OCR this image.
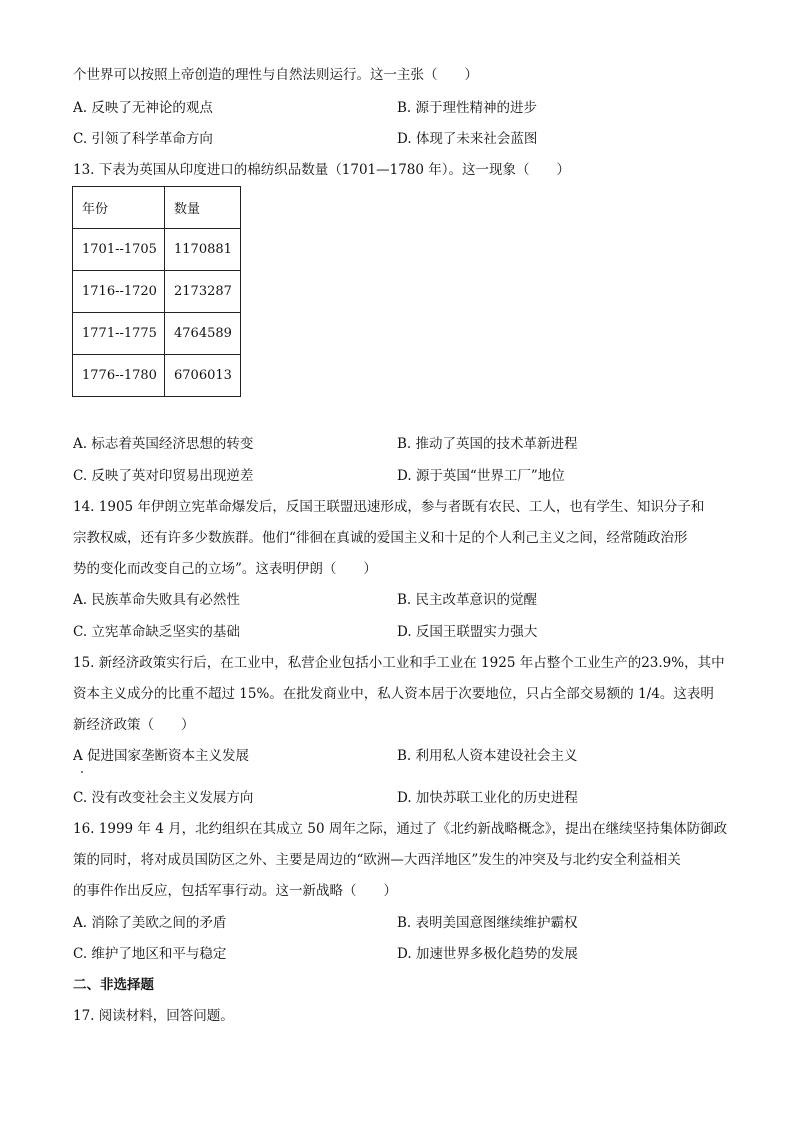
个世界可以按照上帝创造的理性与自然法则运行。这一主张（　　）
A. 反映了无神论的观点	B. 源于理性精神的进步
C. 引领了科学革命方向	D. 体现了未来社会蓝图
13. 下表为英国从印度进口的棉纺织品数量（1701—1780 年）。这一现象（　　）
年份	数量
1701--1705	1170881
1716--1720	2173287
1771--1775	4764589
1776--1780	6706013
A. 标志着英国经济思想的转变	B. 推动了英国的技术革新进程
C. 反映了英对印贸易出现逆差	D. 源于英国“世界工厂”地位
14. 1905 年伊朗立宪革命爆发后，反国王联盟迅速形成，参与者既有农民、工人，也有学生、知识分子和
宗教权威，还有许多少数族群。他们“徘徊在真诚的爱国主义和十足的个人利己主义之间，经常随政治形
势的变化而改变自己的立场”。这表明伊朗（　　）
A. 民族革命失败具有必然性	B. 民主改革意识的觉醒
C. 立宪革命缺乏坚实的基础	D. 反国王联盟实力强大
15. 新经济政策实行后，在工业中，私营企业包括小工业和手工业在 1925 年占整个工业生产的23.9%，其中
资本主义成分的比重不超过 15%。在批发商业中，私人资本居于次要地位，只占全部交易额的 1/4。这表明
新经济政策（　　）
A 促进国家垄断资本主义发展	B. 利用私人资本建设社会主义
C. 没有改变社会主义发展方向	D. 加快苏联工业化的历史进程
16. 1999 年 4 月，北约组织在其成立 50 周年之际，通过了《北约新战略概念》，提出在继续坚持集体防御政
策的同时，将对成员国防区之外、主要是周边的“欧洲—大西洋地区”发生的冲突及与北约安全利益相关
的事件作出反应，包括军事行动。这一新战略（　　）
A. 消除了美欧之间的矛盾	B. 表明美国意图继续维护霸权
C. 维护了地区和平与稳定	D. 加速世界多极化趋势的发展
二、非选择题
17. 阅读材料，回答问题。
